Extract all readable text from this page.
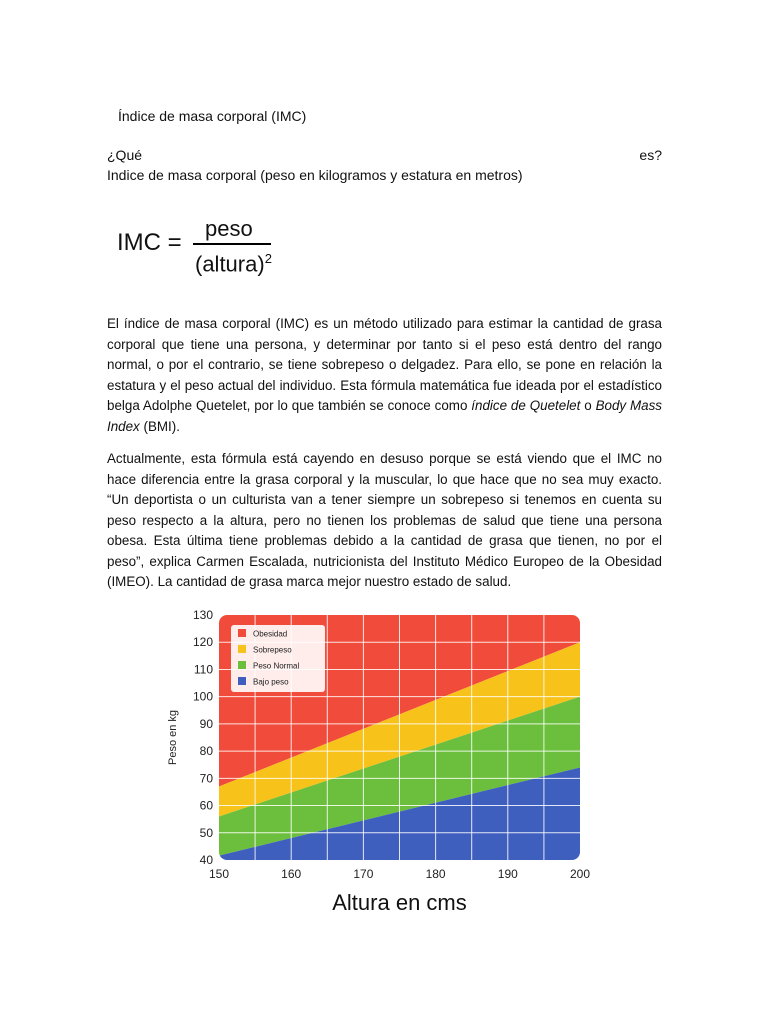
Índice de masa corporal (IMC)
¿Qué	es?
Indice de masa corporal (peso en kilogramos y estatura en metros)
IMC =
peso
(altura)$^2$
El índice de masa corporal (IMC) es un método utilizado para estimar la cantidad de grasa corporal que tiene una persona, y determinar por tanto si el peso está dentro del rango normal, o por el contrario, se tiene sobrepeso o delgadez. Para ello, se pone en relación la estatura y el peso actual del individuo. Esta fórmula matemática fue ideada por el estadístico belga Adolphe Quetelet, por lo que también se conoce como índice de Quetelet o Body Mass Index (BMI).
Actualmente, esta fórmula está cayendo en desuso porque se está viendo que el IMC no hace diferencia entre la grasa corporal y la muscular, lo que hace que no sea muy exacto. “Un deportista o un culturista van a tener siempre un sobrepeso si tenemos en cuenta su peso respecto a la altura, pero no tienen los problemas de salud que tiene una persona obesa. Esta última tiene problemas debido a la cantidad de grasa que tienen, no por el peso”, explica Carmen Escalada, nutricionista del Instituto Médico Europeo de la Obesidad (IMEO). La cantidad de grasa marca mejor nuestro estado de salud.
40
50
60
70
80
90
100
110
120
130
150	160	170	180	190	200
Altura en cms
Peso en kg
Obesidad
Sobrepeso
Peso Normal
Bajo peso
